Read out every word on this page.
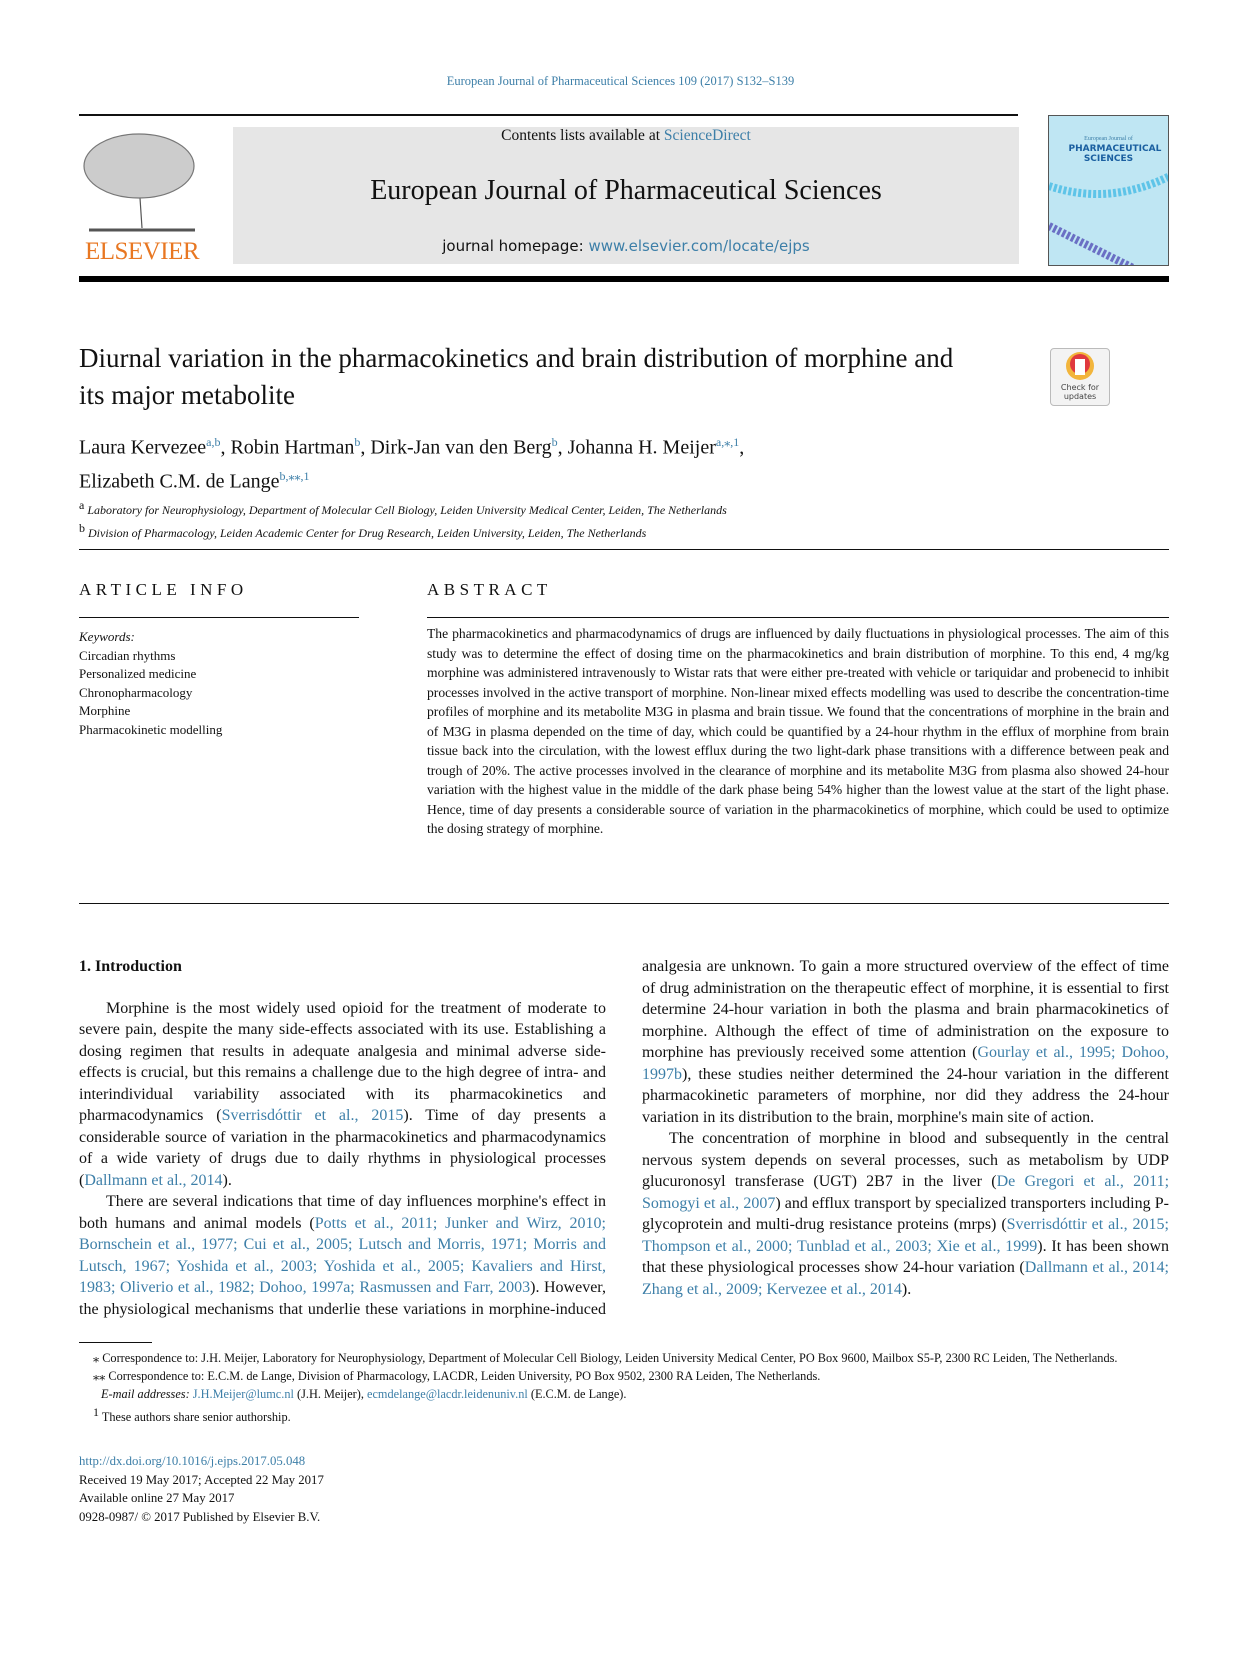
European Journal of Pharmaceutical Sciences 109 (2017) S132–S139
ELSEVIER
Contents lists available at ScienceDirect
European Journal of Pharmaceutical Sciences
journal homepage: www.elsevier.com/locate/ejps
European Journal of
PHARMACEUTICAL SCIENCES
Diurnal variation in the pharmacokinetics and brain distribution of morphine and its major metabolite	Check for updates
Laura Kervezee$^{a,b}$, Robin Hartman$^b$, Dirk-Jan van den Berg$^b$, Johanna H. Meijer$^{a,⁎,1}$,
Elizabeth C.M. de Lange$^{b,⁎⁎,1}$
$^a$ Laboratory for Neurophysiology, Department of Molecular Cell Biology, Leiden University Medical Center, Leiden, The Netherlands
$^b$ Division of Pharmacology, Leiden Academic Center for Drug Research, Leiden University, Leiden, The Netherlands
ARTICLE INFO	ABSTRACT
Keywords:
Circadian rhythms
Personalized medicine
Chronopharmacology
Morphine
Pharmacokinetic modelling
The pharmacokinetics and pharmacodynamics of drugs are influenced by daily fluctuations in physiological processes. The aim of this study was to determine the effect of dosing time on the pharmacokinetics and brain distribution of morphine. To this end, 4 mg/kg morphine was administered intravenously to Wistar rats that were either pre-treated with vehicle or tariquidar and probenecid to inhibit processes involved in the active transport of morphine. Non-linear mixed effects modelling was used to describe the concentration-time profiles of morphine and its metabolite M3G in plasma and brain tissue. We found that the concentrations of morphine in the brain and of M3G in plasma depended on the time of day, which could be quantified by a 24-hour rhythm in the efflux of morphine from brain tissue back into the circulation, with the lowest efflux during the two light-dark phase transitions with a difference between peak and trough of 20%. The active processes involved in the clearance of morphine and its metabolite M3G from plasma also showed 24-hour variation with the highest value in the middle of the dark phase being 54% higher than the lowest value at the start of the light phase. Hence, time of day presents a considerable source of variation in the pharmacokinetics of morphine, which could be used to optimize the dosing strategy of morphine.
1. Introduction
Morphine is the most widely used opioid for the treatment of moderate to severe pain, despite the many side-effects associated with its use. Establishing a dosing regimen that results in adequate analgesia and minimal adverse side-effects is crucial, but this remains a challenge due to the high degree of intra- and interindividual variability associated with its pharmacokinetics and pharmacodynamics (Sverrisdóttir et al., 2015). Time of day presents a considerable source of variation in the pharmacokinetics and pharmacodynamics of a wide variety of drugs due to daily rhythms in physiological processes (Dallmann et al., 2014).
There are several indications that time of day influences morphine's effect in both humans and animal models (Potts et al., 2011; Junker and Wirz, 2010; Bornschein et al., 1977; Cui et al., 2005; Lutsch and Morris, 1971; Morris and Lutsch, 1967; Yoshida et al., 2003; Yoshida et al., 2005; Kavaliers and Hirst, 1983; Oliverio et al., 1982; Dohoo, 1997a; Rasmussen and Farr, 2003). However, the physiological mechanisms that underlie these variations in morphine-induced analgesia are unknown. To gain a more structured overview of the effect of time of drug administration on the therapeutic effect of morphine, it is essential to first determine 24-hour variation in both the plasma and brain pharmacokinetics of morphine. Although the effect of time of administration on the exposure to morphine has previously received some attention (Gourlay et al., 1995; Dohoo, 1997b), these studies neither determined the 24-hour variation in the different pharmacokinetic parameters of morphine, nor did they address the 24-hour variation in its distribution to the brain, morphine's main site of action.
The concentration of morphine in blood and subsequently in the central nervous system depends on several processes, such as metabolism by UDP glucuronosyl transferase (UGT) 2B7 in the liver (De Gregori et al., 2011; Somogyi et al., 2007) and efflux transport by specialized transporters including P-glycoprotein and multi-drug resistance proteins (mrps) (Sverrisdóttir et al., 2015; Thompson et al., 2000; Tunblad et al., 2003; Xie et al., 1999). It has been shown that these physiological processes show 24-hour variation (Dallmann et al., 2014; Zhang et al., 2009; Kervezee et al., 2014).
⁎ Correspondence to: J.H. Meijer, Laboratory for Neurophysiology, Department of Molecular Cell Biology, Leiden University Medical Center, PO Box 9600, Mailbox S5-P, 2300 RC Leiden, The Netherlands.
⁎⁎ Correspondence to: E.C.M. de Lange, Division of Pharmacology, LACDR, Leiden University, PO Box 9502, 2300 RA Leiden, The Netherlands.
E-mail addresses: J.H.Meijer@lumc.nl (J.H. Meijer), ecmdelange@lacdr.leidenuniv.nl (E.C.M. de Lange).
$^1$ These authors share senior authorship.
http://dx.doi.org/10.1016/j.ejps.2017.05.048
Received 19 May 2017; Accepted 22 May 2017
Available online 27 May 2017
0928-0987/ © 2017 Published by Elsevier B.V.
